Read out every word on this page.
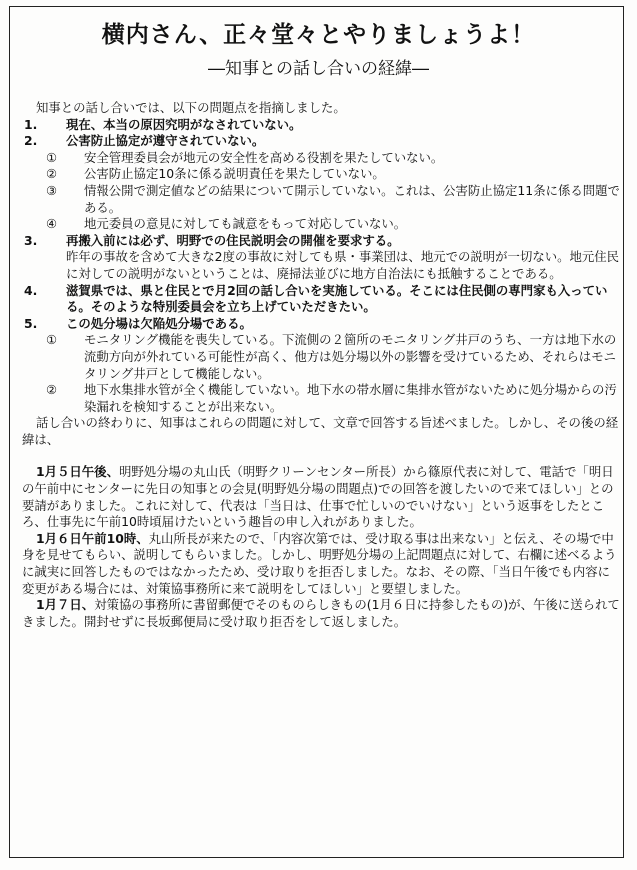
横内さん、正々堂々とやりましょうよ！
―知事との話し合いの経緯―

知事との話し合いでは、以下の問題点を指摘しました。

1.	現在、本当の原因究明がなされていない。
2.	公害防止協定が遵守されていない。
①	安全管理委員会が地元の安全性を高める役割を果たしていない。
②	公害防止協定10条に係る説明責任を果たしていない。
③	情報公開で測定値などの結果について開示していない。これは、公害防止協定11条に係る問題である。
④	地元委員の意見に対しても誠意をもって対応していない。
3.	再搬入前には必ず、明野での住民説明会の開催を要求する。

昨年の事故を含めて大きな2度の事故に対しても県・事業団は、地元での説明が一切ない。地元住民に対しての説明がないということは、廃掃法並びに地方自治法にも抵触することである。

4.	滋賀県では、県と住民とで月2回の話し合いを実施している。そこには住民側の専門家も入っている。そのような特別委員会を立ち上げていただきたい。
5.	この処分場は欠陥処分場である。
①	モニタリング機能を喪失している。下流側の２箇所のモニタリング井戸のうち、一方は地下水の流動方向が外れている可能性が高く、他方は処分場以外の影響を受けているため、それらはモニタリング井戸として機能しない。
②	地下水集排水管が全く機能していない。地下水の帯水層に集排水管がないために処分場からの汚染漏れを検知することが出来ない。

話し合いの終わりに、知事はこれらの問題に対して、文章で回答する旨述べました。しかし、その後の経緯は、

1月５日午後、明野処分場の丸山氏（明野クリーンセンター所長）から篠原代表に対して、電話で「明日の午前中にセンターに先日の知事との会見(明野処分場の問題点)での回答を渡したいので来てほしい」との要請がありました。これに対して、代表は「当日は、仕事で忙しいのでいけない」という返事をしたところ、仕事先に午前10時頃届けたいという趣旨の申し入れがありました。

1月６日午前10時、丸山所長が来たので、「内容次第では、受け取る事は出来ない」と伝え、その場で中身を見せてもらい、説明してもらいました。しかし、明野処分場の上記問題点に対して、右欄に述べるように誠実に回答したものではなかったため、受け取りを拒否しました。なお、その際、「当日午後でも内容に変更がある場合には、対策協事務所に来て説明をしてほしい」と要望しました。

1月７日、対策協の事務所に書留郵便でそのものらしきもの(1月６日に持参したもの)が、午後に送られてきました。開封せずに長坂郵便局に受け取り拒否をして返しました。
